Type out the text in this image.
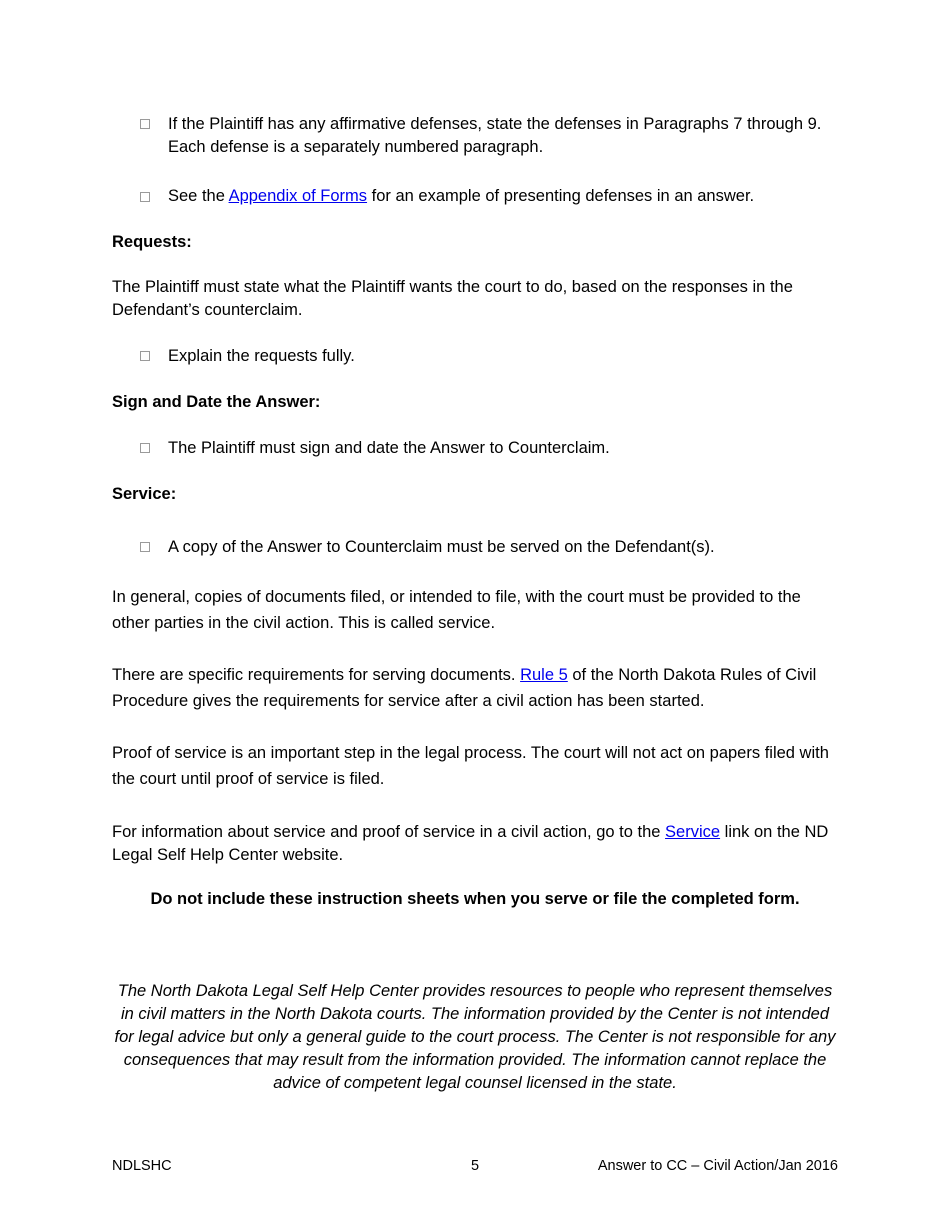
If the Plaintiff has any affirmative defenses, state the defenses in Paragraphs 7 through 9. Each defense is a separately numbered paragraph.
See the Appendix of Forms for an example of presenting defenses in an answer.
Requests:
The Plaintiff must state what the Plaintiff wants the court to do, based on the responses in the Defendant’s counterclaim.
Explain the requests fully.
Sign and Date the Answer:
The Plaintiff must sign and date the Answer to Counterclaim.
Service:
A copy of the Answer to Counterclaim must be served on the Defendant(s).
In general, copies of documents filed, or intended to file, with the court must be provided to the other parties in the civil action. This is called service.
There are specific requirements for serving documents. Rule 5 of the North Dakota Rules of Civil Procedure gives the requirements for service after a civil action has been started.
Proof of service is an important step in the legal process. The court will not act on papers filed with the court until proof of service is filed.
For information about service and proof of service in a civil action, go to the Service link on the ND Legal Self Help Center website.
Do not include these instruction sheets when you serve or file the completed form.
The North Dakota Legal Self Help Center provides resources to people who represent themselves in civil matters in the North Dakota courts. The information provided by the Center is not intended for legal advice but only a general guide to the court process. The Center is not responsible for any consequences that may result from the information provided. The information cannot replace the advice of competent legal counsel licensed in the state.
NDLSHC	5	Answer to CC – Civil Action/Jan 2016
